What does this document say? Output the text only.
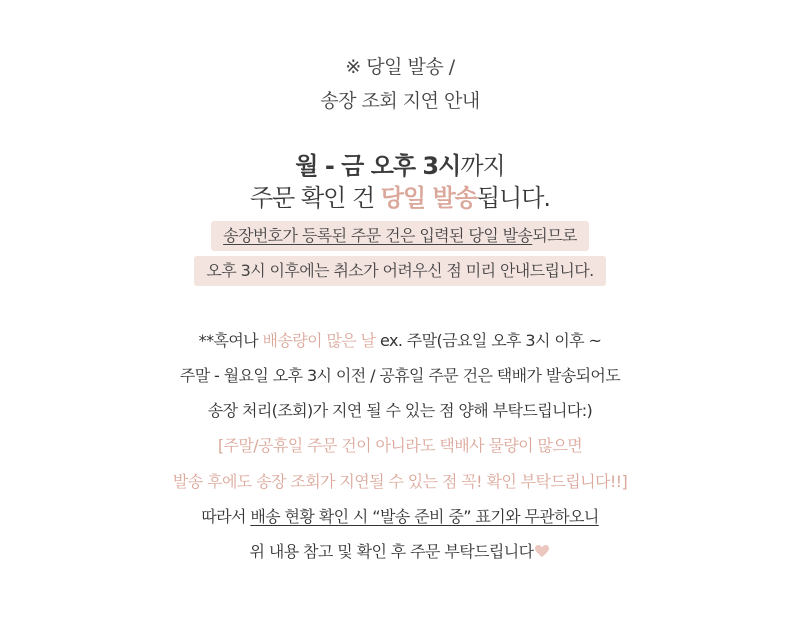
※ 당일 발송 /
송장 조회 지연 안내
월 - 금 오후 3시까지
주문 확인 건 당일 발송됩니다.
송장번호가 등록된 주문 건은 입력된 당일 발송되므로
오후 3시 이후에는 취소가 어려우신 점 미리 안내드립니다.
**혹여나 배송량이 많은 날 ex. 주말(금요일 오후 3시 이후 ~
주말 - 월요일 오후 3시 이전 / 공휴일 주문 건은 택배가 발송되어도
송장 처리(조회)가 지연 될 수 있는 점 양해 부탁드립니다:)
[주말/공휴일 주문 건이 아니라도 택배사 물량이 많으면
발송 후에도 송장 조회가 지연될 수 있는 점 꼭! 확인 부탁드립니다!!]
따라서 배송 현황 확인 시 “발송 준비 중” 표기와 무관하오니
위 내용 참고 및 확인 후 주문 부탁드립니다
